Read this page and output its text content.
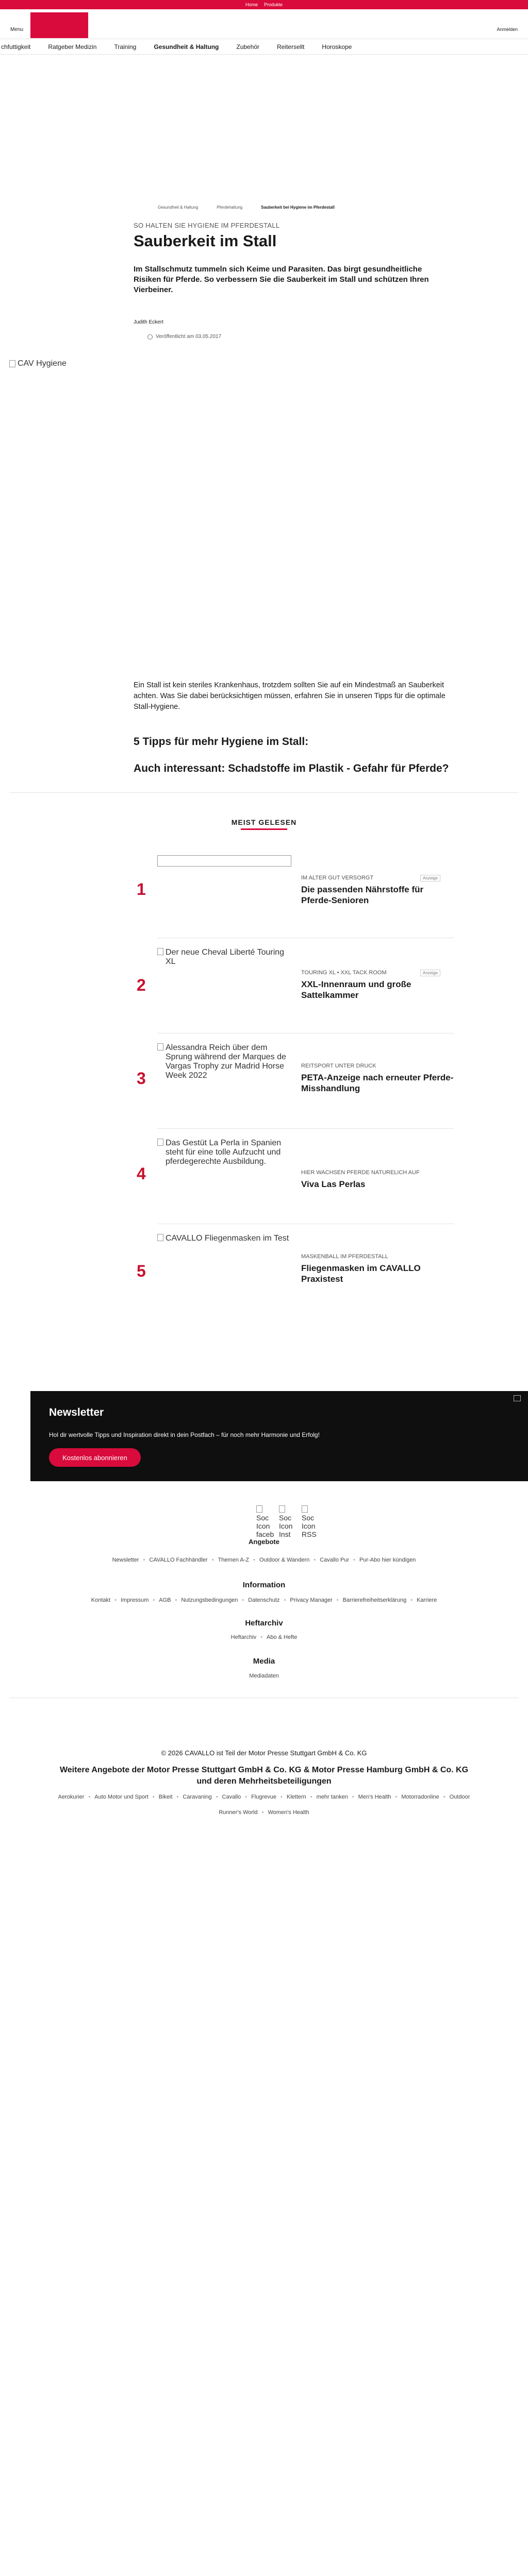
Home Produkte
Menu	Anmelden
chfuttigkeit	Ratgeber Medizin	Training	Gesundheit & Haltung	Zubehör	Reitersellt	Horoskope
Gesundheit & Haltung	Pferdehaltung	Sauberkeit bei Hygiene im Pferdestall
SO HALTEN SIE HYGIENE IM PFERDESTALL
Sauberkeit im Stall

Im Stallschmutz tummeln sich Keime und Parasiten. Das birgt gesundheitliche Risiken für Pferde. So verbessern Sie die Sauberkeit im Stall und schützen Ihren Vierbeiner.

Judith Eckert
Veröffentlicht am 03.05.2017
CAV Hygiene

Ein Stall ist kein steriles Krankenhaus, trotzdem sollten Sie auf ein Mindestmaß an Sauberkeit achten. Was Sie dabei berücksichtigen müssen, erfahren Sie in unseren Tipps für die optimale Stall-Hygiene.

5 Tipps für mehr Hygiene im Stall:
Auch interessant: Schadstoffe im Plastik - Gefahr für Pferde?
MEIST GELESEN
1
Anzeige
IM ALTER GUT VERSORGT
Die passenden Nährstoffe für Pferde-Senioren
2
Der neue Cheval Liberté Touring XL
Anzeige
TOURING XL • XXL TACK ROOM
XXL-Innenraum und große Sattelkammer
3
Alessandra Reich über dem Sprung während der Marques de Vargas Trophy zur Madrid Horse Week 2022
REITSPORT UNTER DRUCK
PETA-Anzeige nach erneuter Pferde-Misshandlung
4
Das Gestüt La Perla in Spanien steht für eine tolle Aufzucht und pferdegerechte Ausbildung.
HIER WACHSEN PFERDE NATURELICH AUF
Viva Las Perlas
5
CAVALLO Fliegenmasken im Test
MASKENBALL IM PFERDESTALL
Fliegenmasken im CAVALLO Praxistest
Newsletter
Hol dir wertvolle Tipps und Inspiration direkt in dein Postfach – für noch mehr Harmonie und Erfolg!
Kostenlos abonnieren
Soc Icon faceb
Soc Icon Inst
Soc Icon RSS
Angebote
Newsletter • CAVALLO Fachhändler • Themen A-Z • Outdoor & Wandern • Cavallo Pur • Pur-Abo hier kündigen
Information
Kontakt • Impressum • AGB • Nutzungsbedingungen • Datenschutz • Privacy Manager • Barrierefreiheitserklärung • Karriere
Heftarchiv
Heftarchiv • Abo & Hefte
Media
Mediadaten
© 2026 CAVALLO ist Teil der Motor Presse Stuttgart GmbH & Co. KG
Weitere Angebote der Motor Presse Stuttgart GmbH & Co. KG & Motor Presse Hamburg GmbH & Co. KG und deren Mehrheitsbeteiligungen
Aerokurier • Auto Motor und Sport • Bikeit • Caravaning • Cavallo • Flugrevue • Klettern • mehr tanken • Men's Health • Motorradonline • Outdoor
Runner's World • Women's Health
